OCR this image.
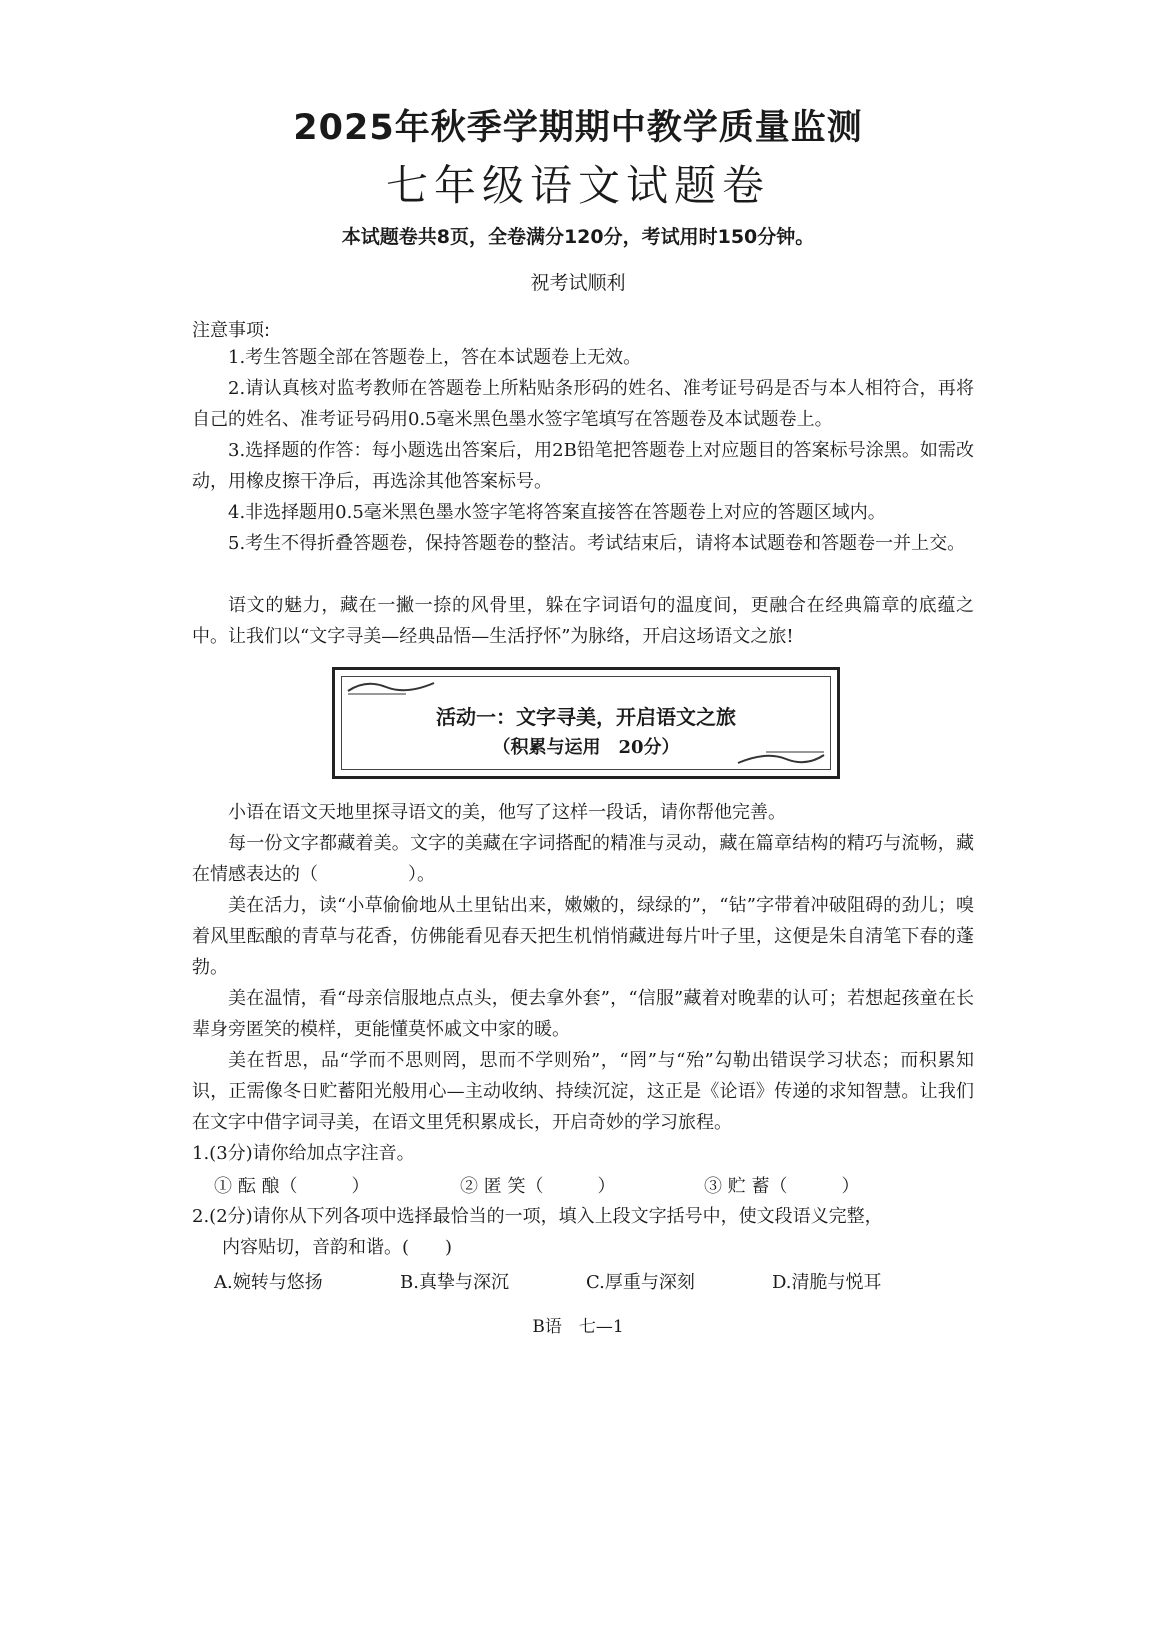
2025年秋季学期期中教学质量监测
七年级语文试题卷
本试题卷共8页，全卷满分120分，考试用时150分钟。
祝考试顺利
注意事项:
1.考生答题全部在答题卷上，答在本试题卷上无效。
2.请认真核对监考教师在答题卷上所粘贴条形码的姓名、准考证号码是否与本人相符合，再将自己的姓名、准考证号码用0.5毫米黑色墨水签字笔填写在答题卷及本试题卷上。
3.选择题的作答：每小题选出答案后，用2B铅笔把答题卷上对应题目的答案标号涂黑。如需改动，用橡皮擦干净后，再选涂其他答案标号。
4.非选择题用0.5毫米黑色墨水签字笔将答案直接答在答题卷上对应的答题区域内。
5.考生不得折叠答题卷，保持答题卷的整洁。考试结束后，请将本试题卷和答题卷一并上交。
语文的魅力，藏在一撇一捺的风骨里，躲在字词语句的温度间，更融合在经典篇章的底蕴之中。让我们以“文字寻美—经典品悟—生活抒怀”为脉络，开启这场语文之旅!
活动一：文字寻美，开启语文之旅
（积累与运用　20分）
小语在语文天地里探寻语文的美，他写了这样一段话，请你帮他完善。
每一份文字都藏着美。文字的美藏在字词搭配的精准与灵动，藏在篇章结构的精巧与流畅，藏在情感表达的（　　　　　）。
美在活力，读“小草偷偷地从土里钻出来，嫩嫩的，绿绿的”，“钻”字带着冲破阻碍的劲儿；嗅着风里酝酿的青草与花香，仿佛能看见春天把生机悄悄藏进每片叶子里，这便是朱自清笔下春的蓬勃。
美在温情，看“母亲信服地点点头，便去拿外套”，“信服”藏着对晚辈的认可；若想起孩童在长辈身旁匿笑的模样，更能懂莫怀戚文中家的暖。
美在哲思，品“学而不思则罔，思而不学则殆”，“罔”与“殆”勾勒出错误学习状态；而积累知识，正需像冬日贮蓄阳光般用心—主动收纳、持续沉淀，这正是《论语》传递的求知智慧。让我们在文字中借字词寻美，在语文里凭积累成长，开启奇妙的学习旅程。
1.(3分)请你给加点字注音。
① 酝 酿（　　　）	② 匿 笑（　　　）	③ 贮 蓄（　　　）
2.(2分)请你从下列各项中选择最恰当的一项，填入上段文字括号中，使文段语义完整，
内容贴切，音韵和谐。(　　)
A.婉转与悠扬	B.真挚与深沉	C.厚重与深刻	D.清脆与悦耳
B语　七—1
